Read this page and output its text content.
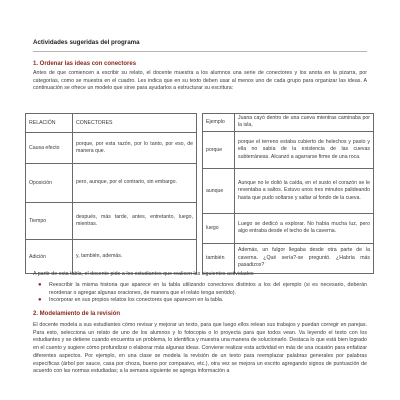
Actividades sugeridas del programa
1. Ordenar las ideas con conectores
Antes de que comiencen a escribir su relato, el docente muestra a los alumnos una serie de conectores y los anota en la pizarra, por categorías, como se muestra en el cuadro. Les indica que en su texto deben usar al menos uno de cada grupo para organizar las ideas. A continuación se ofrece un modelo que sirve para ayudarlos a estructurar su escritura:
RELACIÓN	CONECTORES
Causa efecto	porque, por esta razón, por lo tanto, por eso, de manera que.
Oposición	pero, aunque, por el contrario, sin embargo.
Tiempo	después, más tarde, antes, entretanto, luego, mientras.
Adición	y, también, además.
Ejemplo	Juana cayó dentro de una cueva mientras caminaba por la isla,
porque	porque el terreno estaba cubierto de helechos y pasto y ella no sabía de la existencia de las cuevas subterráneas. Alcanzó a agarrarse firme de una roca.
aunque	Aunque no le dolió la caída, en el susto el corazón se le reventaba a saltos. Estuvo unos tres minutos palideando hasta que pudo soltarse y saltar al fondo de la cueva.
luego	Luego se dedicó a explorar. No había mucha luz, pero algo entraba desde el techo de la caverna.
también	Además, un fulgor llegaba desde otra parte de la caverna. ¿Qué sería?-se preguntó. ¿Habría más pasadizos?
A partir de esta tabla, el docente pide a los estudiantes que realicen las siguientes actividades
● Reescribir la misma historia que aparece en la tabla utilizando conectores distintos a los del ejemplo (si es necesario, deberán reordenar o agregar algunas oraciones, de manera que el relato tenga sentido).
● Incorporar en sus propios relatos los conectores que aparecen en la tabla.
2. Modelamiento de la revisión
El docente modela a sus estudiantes cómo revisar y mejorar un texto, para que luego ellos relean sus trabajos y puedan corregir en parejas. Para esto, selecciona un relato de uno de los alumnos y lo fotocopia o lo proyecta para que todos vean. Va leyendo el texto con los estudiantes y se detiene cuando encuentra un problema, lo identifica y muestra una manera de solucionarlo. Destaca lo que está bien logrado en el cuento y sugiere cómo profundizar o elaborar más algunas ideas. Conviene realizar esta actividad en más de una ocasión para enfatizar diferentes aspectos. Por ejemplo, en una clase se modela la revisión de un texto para reemplazar palabras generales por palabras específicas (árbol por sauce, casa por choza, bueno por compasivo, etc.), otra vez se mejora un escrito agregando signos de puntuación de acuerdo con las normas estudiadas; a la semana siguiente se agrega información a
